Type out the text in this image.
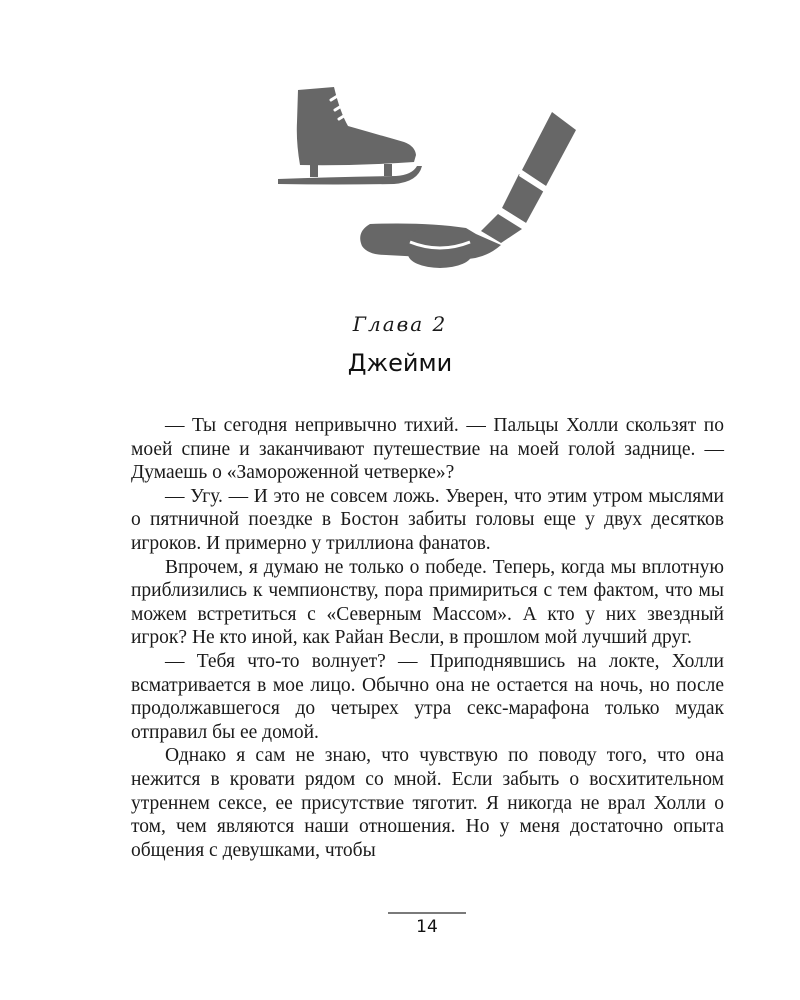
Глава 2
Джейми

— Ты сегодня непривычно тихий. — Пальцы Холли скользят по моей спине и заканчивают путешествие на моей голой заднице. — Думаешь о «Замороженной четверке»?

— Угу. — И это не совсем ложь. Уверен, что этим утром мыслями о пятничной поездке в Бостон забиты головы еще у двух десятков игроков. И примерно у триллиона фанатов.

Впрочем, я думаю не только о победе. Теперь, когда мы вплотную приблизились к чемпионству, пора примириться с тем фактом, что мы можем встретиться с «Северным Массом». А кто у них звездный игрок? Не кто иной, как Райан Весли, в прошлом мой лучший друг.

— Тебя что-то волнует? — Приподнявшись на локте, Холли всматривается в мое лицо. Обычно она не остается на ночь, но после продолжавшегося до четырех утра секс-марафона только мудак отправил бы ее домой.

Однако я сам не знаю, что чувствую по поводу того, что она нежится в кровати рядом со мной. Если забыть о восхитительном утреннем сексе, ее присутствие тяготит. Я никогда не врал Холли о том, чем являются наши отношения. Но у меня достаточно опыта общения с девушками, чтобы

14
